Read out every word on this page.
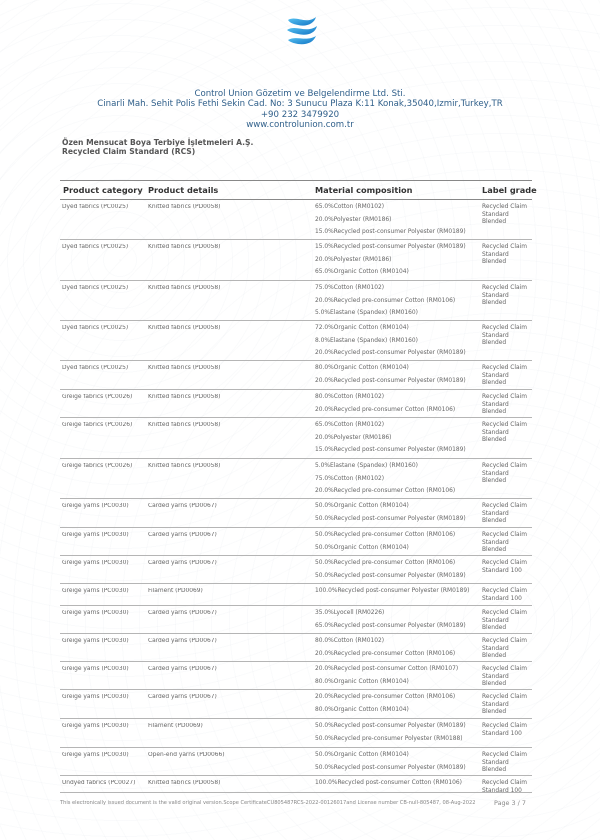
Control Union Gözetim ve Belgelendirme Ltd. Sti.
Cinarli Mah. Sehit Polis Fethi Sekin Cad. No: 3 Sunucu Plaza K:11 Konak,35040,Izmir,Turkey,TR
+90 232 3479920
www.controlunion.com.tr
Özen Mensucat Boya Terbiye İşletmeleri A.Ş.
Recycled Claim Standard (RCS)
Product category Product details	Material composition	Label grade
Dyed fabrics (PC0025)	Knitted fabrics (PD0058)	65.0%Cotton (RM0102)
20.0%Polyester (RM0186)
15.0%Recycled post-consumer Polyester (RM0189)
Recycled Claim
Standard
Blended
Dyed fabrics (PC0025)	Knitted fabrics (PD0058)	15.0%Recycled post-consumer Polyester (RM0189)
20.0%Polyester (RM0186)
65.0%Organic Cotton (RM0104)
Recycled Claim
Standard
Blended
Dyed fabrics (PC0025)	Knitted fabrics (PD0058)	75.0%Cotton (RM0102)
20.0%Recycled pre-consumer Cotton (RM0106)
5.0%Elastane (Spandex) (RM0160)
Recycled Claim
Standard
Blended
Dyed fabrics (PC0025)	Knitted fabrics (PD0058)	72.0%Organic Cotton (RM0104)
8.0%Elastane (Spandex) (RM0160)
20.0%Recycled post-consumer Polyester (RM0189)
Recycled Claim
Standard
Blended
Dyed fabrics (PC0025)	Knitted fabrics (PD0058)	80.0%Organic Cotton (RM0104)
20.0%Recycled post-consumer Polyester (RM0189)
Recycled Claim
Standard
Blended
Greige fabrics (PC0026)	Knitted fabrics (PD0058)	80.0%Cotton (RM0102)
20.0%Recycled pre-consumer Cotton (RM0106)
Recycled Claim
Standard
Blended
Greige fabrics (PC0026)	Knitted fabrics (PD0058)	65.0%Cotton (RM0102)
20.0%Polyester (RM0186)
15.0%Recycled post-consumer Polyester (RM0189)
Recycled Claim
Standard
Blended
Greige fabrics (PC0026)	Knitted fabrics (PD0058)	5.0%Elastane (Spandex) (RM0160)
75.0%Cotton (RM0102)
20.0%Recycled pre-consumer Cotton (RM0106)
Recycled Claim
Standard
Blended
Greige yarns (PC0030)	Carded yarns (PD0067)	50.0%Organic Cotton (RM0104)
50.0%Recycled post-consumer Polyester (RM0189)
Recycled Claim
Standard
Blended
Greige yarns (PC0030)	Carded yarns (PD0067)	50.0%Recycled pre-consumer Cotton (RM0106)
50.0%Organic Cotton (RM0104)
Recycled Claim
Standard
Blended
Greige yarns (PC0030)	Carded yarns (PD0067)	50.0%Recycled pre-consumer Cotton (RM0106)
50.0%Recycled post-consumer Polyester (RM0189)
Recycled Claim
Standard 100
Greige yarns (PC0030)	Filament (PD0069)	100.0%Recycled post-consumer Polyester (RM0189)	Recycled Claim
Standard 100
Greige yarns (PC0030)	Carded yarns (PD0067)	35.0%Lyocell (RM0226)
65.0%Recycled post-consumer Polyester (RM0189)
Recycled Claim
Standard
Blended
Greige yarns (PC0030)	Carded yarns (PD0067)	80.0%Cotton (RM0102)
20.0%Recycled pre-consumer Cotton (RM0106)
Recycled Claim
Standard
Blended
Greige yarns (PC0030)	Carded yarns (PD0067)	20.0%Recycled post-consumer Cotton (RM0107)
80.0%Organic Cotton (RM0104)
Recycled Claim
Standard
Blended
Greige yarns (PC0030)	Carded yarns (PD0067)	20.0%Recycled pre-consumer Cotton (RM0106)
80.0%Organic Cotton (RM0104)
Recycled Claim
Standard
Blended
Greige yarns (PC0030)	Filament (PD0069)	50.0%Recycled post-consumer Polyester (RM0189)
50.0%Recycled pre-consumer Polyester (RM0188)
Recycled Claim
Standard 100
Greige yarns (PC0030)	Open-end yarns (PD0066)	50.0%Organic Cotton (RM0104)
50.0%Recycled post-consumer Polyester (RM0189)
Recycled Claim
Standard
Blended
Undyed fabrics (PC0027)	Knitted fabrics (PD0058)	100.0%Recycled post-consumer Cotton (RM0106)	Recycled Claim
Standard 100
This electronically issued document is the valid original version.Scope CertificateCU805487RCS-2022-00126017and License number CB-null-805487, 08-Aug-2022	Page 3 / 7
